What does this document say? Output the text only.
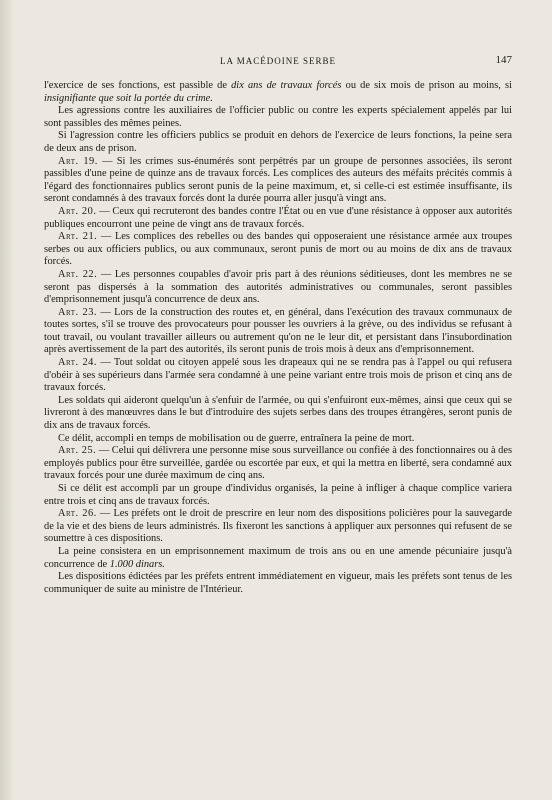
LA MACÉDOINE SERBE	147

l'exercice de ses fonctions, est passible de dix ans de travaux forcés ou de six mois de prison au moins, si insignifiante que soit la portée du crime.

Les agressions contre les auxiliaires de l'officier public ou contre les experts spécialement appelés par lui sont passibles des mêmes peines.

Si l'agression contre les officiers publics se produit en dehors de l'exercice de leurs fonctions, la peine sera de deux ans de prison.

Art. 19. — Si les crimes sus-énumérés sont perpétrés par un groupe de personnes associées, ils seront passibles d'une peine de quinze ans de travaux forcés. Les complices des auteurs des méfaits précités commis à l'égard des fonctionnaires publics seront punis de la peine maximum, et, si celle-ci est estimée insuffisante, ils seront condamnés à des travaux forcés dont la durée pourra aller jusqu'à vingt ans.

Art. 20. — Ceux qui recruteront des bandes contre l'État ou en vue d'une résistance à opposer aux autorités publiques encourront une peine de vingt ans de travaux forcés.

Art. 21. — Les complices des rebelles ou des bandes qui opposeraient une résistance armée aux troupes serbes ou aux officiers publics, ou aux communaux, seront punis de mort ou au moins de dix ans de travaux forcés.

Art. 22. — Les personnes coupables d'avoir pris part à des réunions séditieuses, dont les membres ne se seront pas dispersés à la sommation des autorités administratives ou communales, seront passibles d'emprisonnement jusqu'à concurrence de deux ans.

Art. 23. — Lors de la construction des routes et, en général, dans l'exécution des travaux communaux de toutes sortes, s'il se trouve des provocateurs pour pousser les ouvriers à la grève, ou des individus se refusant à tout travail, ou voulant travailler ailleurs ou autrement qu'on ne le leur dit, et persistant dans l'insubordination après avertissement de la part des autorités, ils seront punis de trois mois à deux ans d'emprisonnement.

Art. 24. — Tout soldat ou citoyen appelé sous les drapeaux qui ne se rendra pas à l'appel ou qui refusera d'obéir à ses supérieurs dans l'armée sera condamné à une peine variant entre trois mois de prison et cinq ans de travaux forcés.

Les soldats qui aideront quelqu'un à s'enfuir de l'armée, ou qui s'enfuiront eux-mêmes, ainsi que ceux qui se livreront à des manœuvres dans le but d'introduire des sujets serbes dans des troupes étrangères, seront punis de dix ans de travaux forcés.

Ce délit, accompli en temps de mobilisation ou de guerre, entraînera la peine de mort.

Art. 25. — Celui qui délivrera une personne mise sous surveillance ou confiée à des fonctionnaires ou à des employés publics pour être surveillée, gardée ou escortée par eux, et qui la mettra en liberté, sera condamné aux travaux forcés pour une durée maximum de cinq ans.

Si ce délit est accompli par un groupe d'individus organisés, la peine à infliger à chaque complice variera entre trois et cinq ans de travaux forcés.

Art. 26. — Les préfets ont le droit de prescrire en leur nom des dispositions policières pour la sauvegarde de la vie et des biens de leurs administrés. Ils fixeront les sanctions à appliquer aux personnes qui refusent de se soumettre à ces dispositions.

La peine consistera en un emprisonnement maximum de trois ans ou en une amende pécuniaire jusqu'à concurrence de 1.000 dinars.

Les dispositions édictées par les préfets entrent immédiatement en vigueur, mais les préfets sont tenus de les communiquer de suite au ministre de l'Intérieur.
